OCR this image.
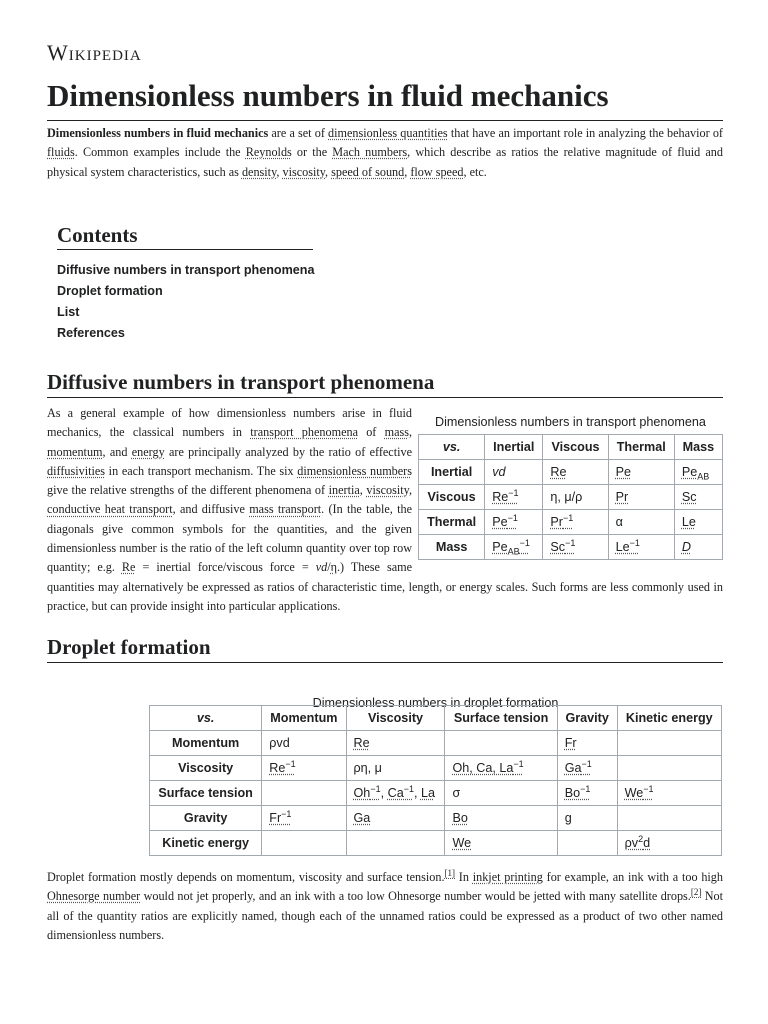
Wikipedia
Dimensionless numbers in fluid mechanics

Dimensionless numbers in fluid mechanics are a set of dimensionless quantities that have an important role in analyzing the behavior of fluids. Common examples include the Reynolds or the Mach numbers, which describe as ratios the relative magnitude of fluid and physical system characteristics, such as density, viscosity, speed of sound, flow speed, etc.

Contents
Diffusive numbers in transport phenomena
Droplet formation
List
References
Diffusive numbers in transport phenomena
Dimensionless numbers in transport phenomena
vs.	Inertial	Viscous	Thermal	Mass
Inertial	vd	Re	Pe	$Pe_{AB}$
Viscous	$Re^{-1}$	η, μ/ρ	Pr	Sc
Thermal	$Pe^{-1}$	$Pr^{-1}$	α	Le
Mass	$Pe_{AB}^{-1}$	$Sc^{-1}$	$Le^{-1}$	D

As a general example of how dimensionless numbers arise in fluid mechanics, the classical numbers in transport phenomena of mass, momentum, and energy are principally analyzed by the ratio of effective diffusivities in each transport mechanism. The six dimensionless numbers give the relative strengths of the different phenomena of inertia, viscosity, conductive heat transport, and diffusive mass transport. (In the table, the diagonals give common symbols for the quantities, and the given dimensionless number is the ratio of the left column quantity over top row quantity; e.g. Re = inertial force/viscous force = vd/η.) These same quantities may alternatively be expressed as ratios of characteristic time, length, or energy scales. Such forms are less commonly used in practice, but can provide insight into particular applications.

Droplet formation
Dimensionless numbers in droplet formation
vs.	Momentum	Viscosity	Surface tension	Gravity	Kinetic energy
Momentum	ρvd	Re		Fr	
Viscosity	$Re^{-1}$	ρη, μ	Oh, Ca, $La^{-1}$	$Ga^{-1}$	
Surface tension		$Oh^{-1}$, $Ca^{-1}$, La	σ	$Bo^{-1}$	$We^{-1}$
Gravity	$Fr^{-1}$	Ga	Bo	g	
Kinetic energy			We		$\rho v^2d$

Droplet formation mostly depends on momentum, viscosity and surface tension.[1] In inkjet printing for example, an ink with a too high Ohnesorge number would not jet properly, and an ink with a too low Ohnesorge number would be jetted with many satellite drops.[2] Not all of the quantity ratios are explicitly named, though each of the unnamed ratios could be expressed as a product of two other named dimensionless numbers.
